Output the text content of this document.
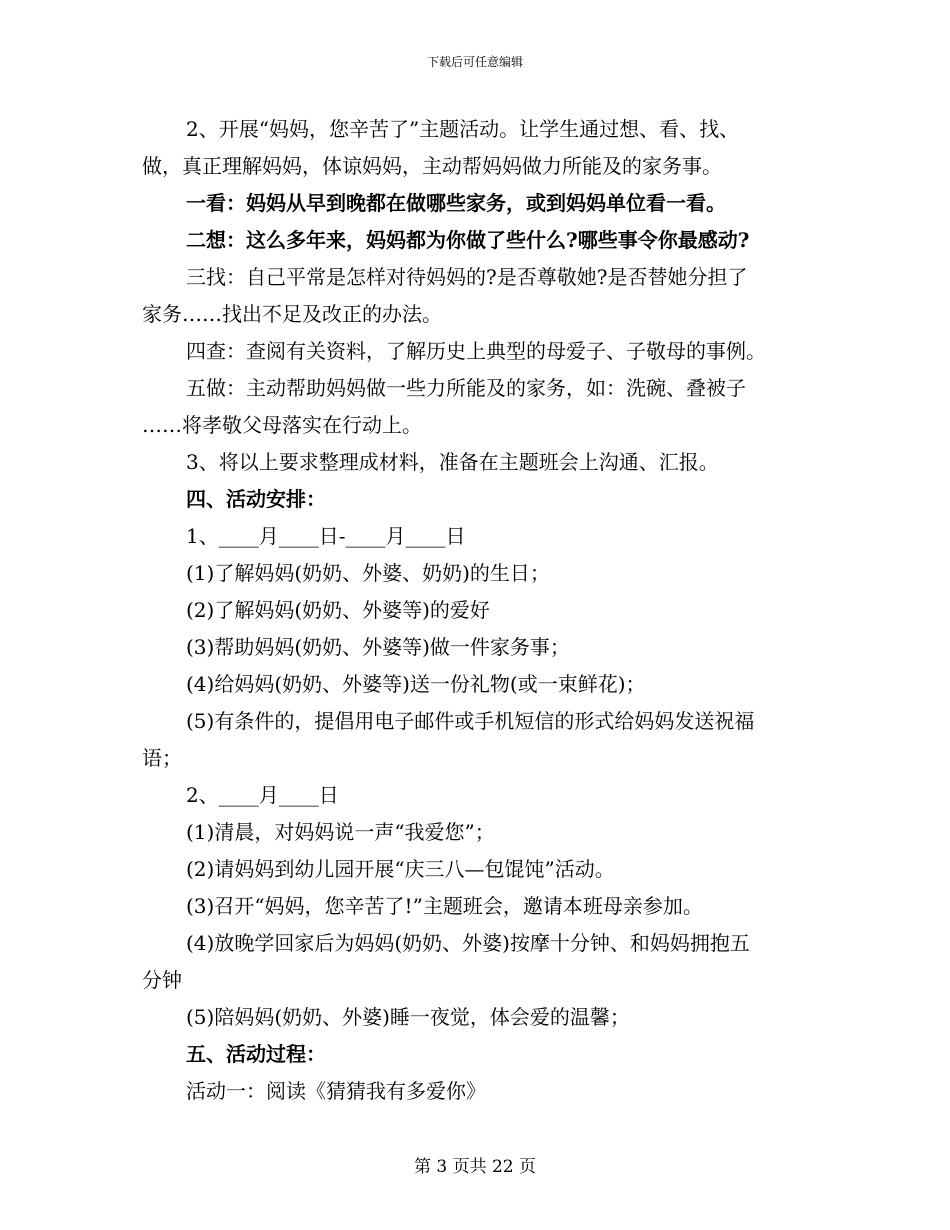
下载后可任意编辑
2、开展“妈妈，您辛苦了”主题活动。让学生通过想、看、找、
做，真正理解妈妈，体谅妈妈，主动帮妈妈做力所能及的家务事。
一看：妈妈从早到晚都在做哪些家务，或到妈妈单位看一看。
二想：这么多年来，妈妈都为你做了些什么?哪些事令你最感动?
三找：自己平常是怎样对待妈妈的?是否尊敬她?是否替她分担了
家务……找出不足及改正的办法。
四查：查阅有关资料，了解历史上典型的母爱子、子敬母的事例。
五做：主动帮助妈妈做一些力所能及的家务，如：洗碗、叠被子
……将孝敬父母落实在行动上。
3、将以上要求整理成材料，准备在主题班会上沟通、汇报。
四、活动安排：
1、____月____日-____月____日
(1)了解妈妈(奶奶、外婆、奶奶)的生日；
(2)了解妈妈(奶奶、外婆等)的爱好
(3)帮助妈妈(奶奶、外婆等)做一件家务事；
(4)给妈妈(奶奶、外婆等)送一份礼物(或一束鲜花)；
(5)有条件的，提倡用电子邮件或手机短信的形式给妈妈发送祝福
语；
2、____月____日
(1)清晨，对妈妈说一声“我爱您”；
(2)请妈妈到幼儿园开展“庆三八—包馄饨”活动。
(3)召开“妈妈，您辛苦了!”主题班会，邀请本班母亲参加。
(4)放晚学回家后为妈妈(奶奶、外婆)按摩十分钟、和妈妈拥抱五
分钟
(5)陪妈妈(奶奶、外婆)睡一夜觉，体会爱的温馨；
五、活动过程：
活动一：阅读《猜猜我有多爱你》
第 3 页共 22 页
